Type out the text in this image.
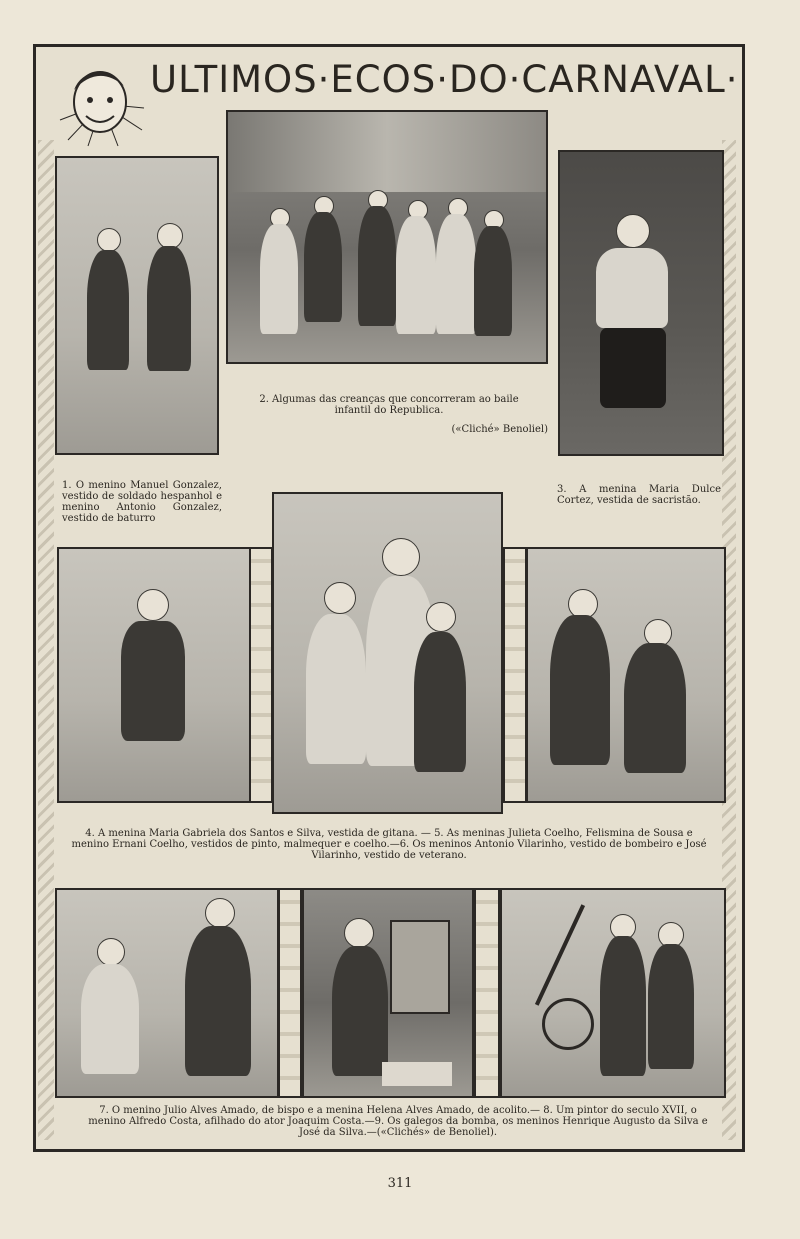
ULTIMOS·ECOS·DO·CARNAVAL·
2. Algumas das creanças que concorreram ao baile infantil do Republica.
(«Cliché» Benoliel)
1. O menino Manuel Gonzalez, vestido de soldado hespanhol e menino Antonio Gonzalez, vestido de baturro
3. A menina Maria Dulce Cortez, vestida de sacristão.
4. A menina Maria Gabriela dos Santos e Silva, vestida de gitana. — 5. As meninas Julieta Coelho, Felismina de Sousa e menino Ernani Coelho, vestidos de pinto, malmequer e coelho.—6. Os meninos Antonio Vilarinho, vestido de bombeiro e José Vilarinho, vestido de veterano.
7. O menino Julio Alves Amado, de bispo e a menina Helena Alves Amado, de acolito.— 8. Um pintor do seculo XVII, o menino Alfredo Costa, afilhado do ator Joaquim Costa.—9. Os galegos da bomba, os meninos Henrique Augusto da Silva e José da Silva.—(«Clichés» de Benoliel).
311
